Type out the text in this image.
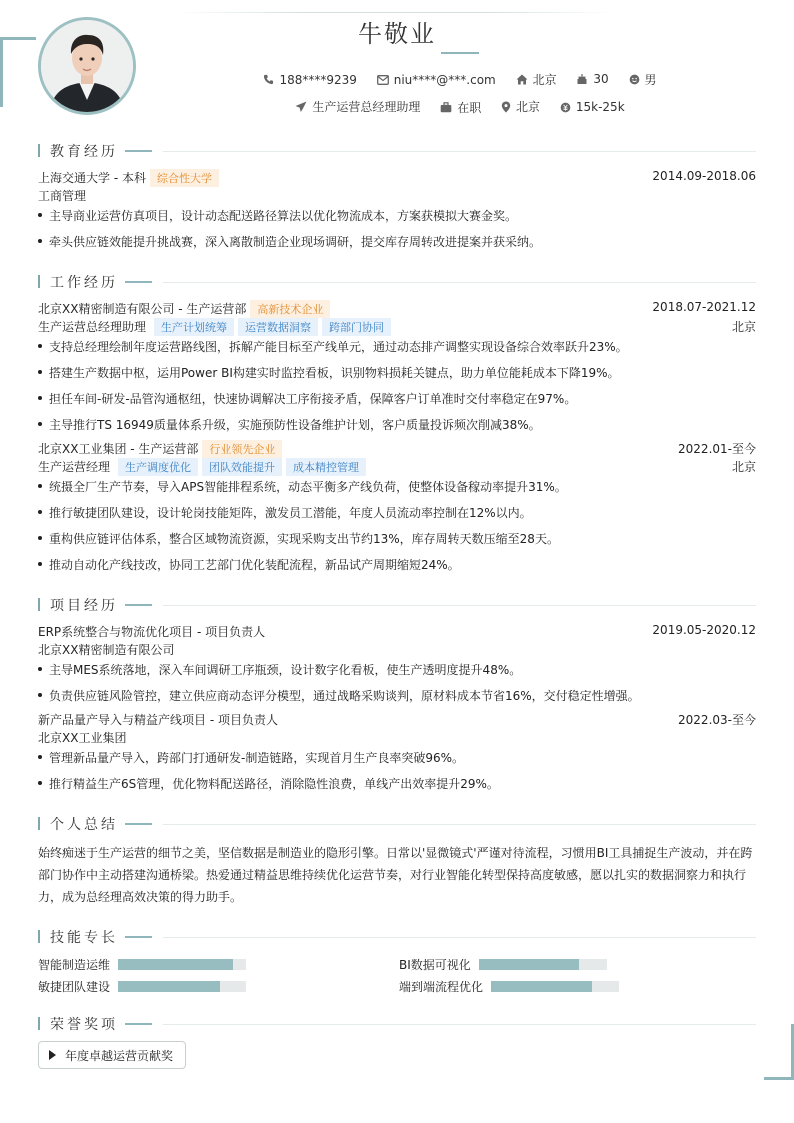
牛敬业
188****9239
	niu****@***.com
	北京
	30
	男
生产运营总经理助理
	在职
	北京
	15k-25k
教育经历
上海交通大学 - 本科 综合性大学	2014.09-2018.06
工商管理
主导商业运营仿真项目，设计动态配送路径算法以优化物流成本，方案获模拟大赛金奖。
牵头供应链效能提升挑战赛，深入离散制造企业现场调研，提交库存周转改进提案并获采纳。
工作经历
北京XX精密制造有限公司 - 生产运营部 高新技术企业	2018.07-2021.12
生产运营总经理助理 生产计划统筹 运营数据洞察 跨部门协同	北京
支持总经理绘制年度运营路线图，拆解产能目标至产线单元，通过动态排产调整实现设备综合效率跃升23%。
搭建生产数据中枢，运用Power BI构建实时监控看板，识别物料损耗关键点，助力单位能耗成本下降19%。
担任车间-研发-品管沟通枢纽，快速协调解决工序衔接矛盾，保障客户订单准时交付率稳定在97%。
主导推行TS 16949质量体系升级，实施预防性设备维护计划，客户质量投诉频次削减38%。
北京XX工业集团 - 生产运营部 行业领先企业	2022.01-至今
生产运营经理 生产调度优化 团队效能提升 成本精控管理	北京
统摄全厂生产节奏，导入APS智能排程系统，动态平衡多产线负荷，使整体设备稼动率提升31%。
推行敏捷团队建设，设计轮岗技能矩阵，激发员工潜能，年度人员流动率控制在12%以内。
重构供应链评估体系，整合区域物流资源，实现采购支出节约13%，库存周转天数压缩至28天。
推动自动化产线技改，协同工艺部门优化装配流程，新品试产周期缩短24%。
项目经历
ERP系统整合与物流优化项目 - 项目负责人	2019.05-2020.12
北京XX精密制造有限公司
主导MES系统落地，深入车间调研工序瓶颈，设计数字化看板，使生产透明度提升48%。
负责供应链风险管控，建立供应商动态评分模型，通过战略采购谈判，原材料成本节省16%，交付稳定性增强。
新产品量产导入与精益产线项目 - 项目负责人	2022.03-至今
北京XX工业集团
管理新品量产导入，跨部门打通研发-制造链路，实现首月生产良率突破96%。
推行精益生产6S管理，优化物料配送路径，消除隐性浪费，单线产出效率提升29%。
个人总结
始终痴迷于生产运营的细节之美，坚信数据是制造业的隐形引擎。日常以'显微镜式'严谨对待流程，习惯用BI工具捕捉生产波动，并在跨部门协作中主动搭建沟通桥梁。热爱通过精益思维持续优化运营节奏，对行业智能化转型保持高度敏感，愿以扎实的数据洞察力和执行力，成为总经理高效决策的得力助手。
技能专长
智能制造运维	BI数据可视化
敏捷团队建设	端到端流程优化
荣誉奖项
年度卓越运营贡献奖
